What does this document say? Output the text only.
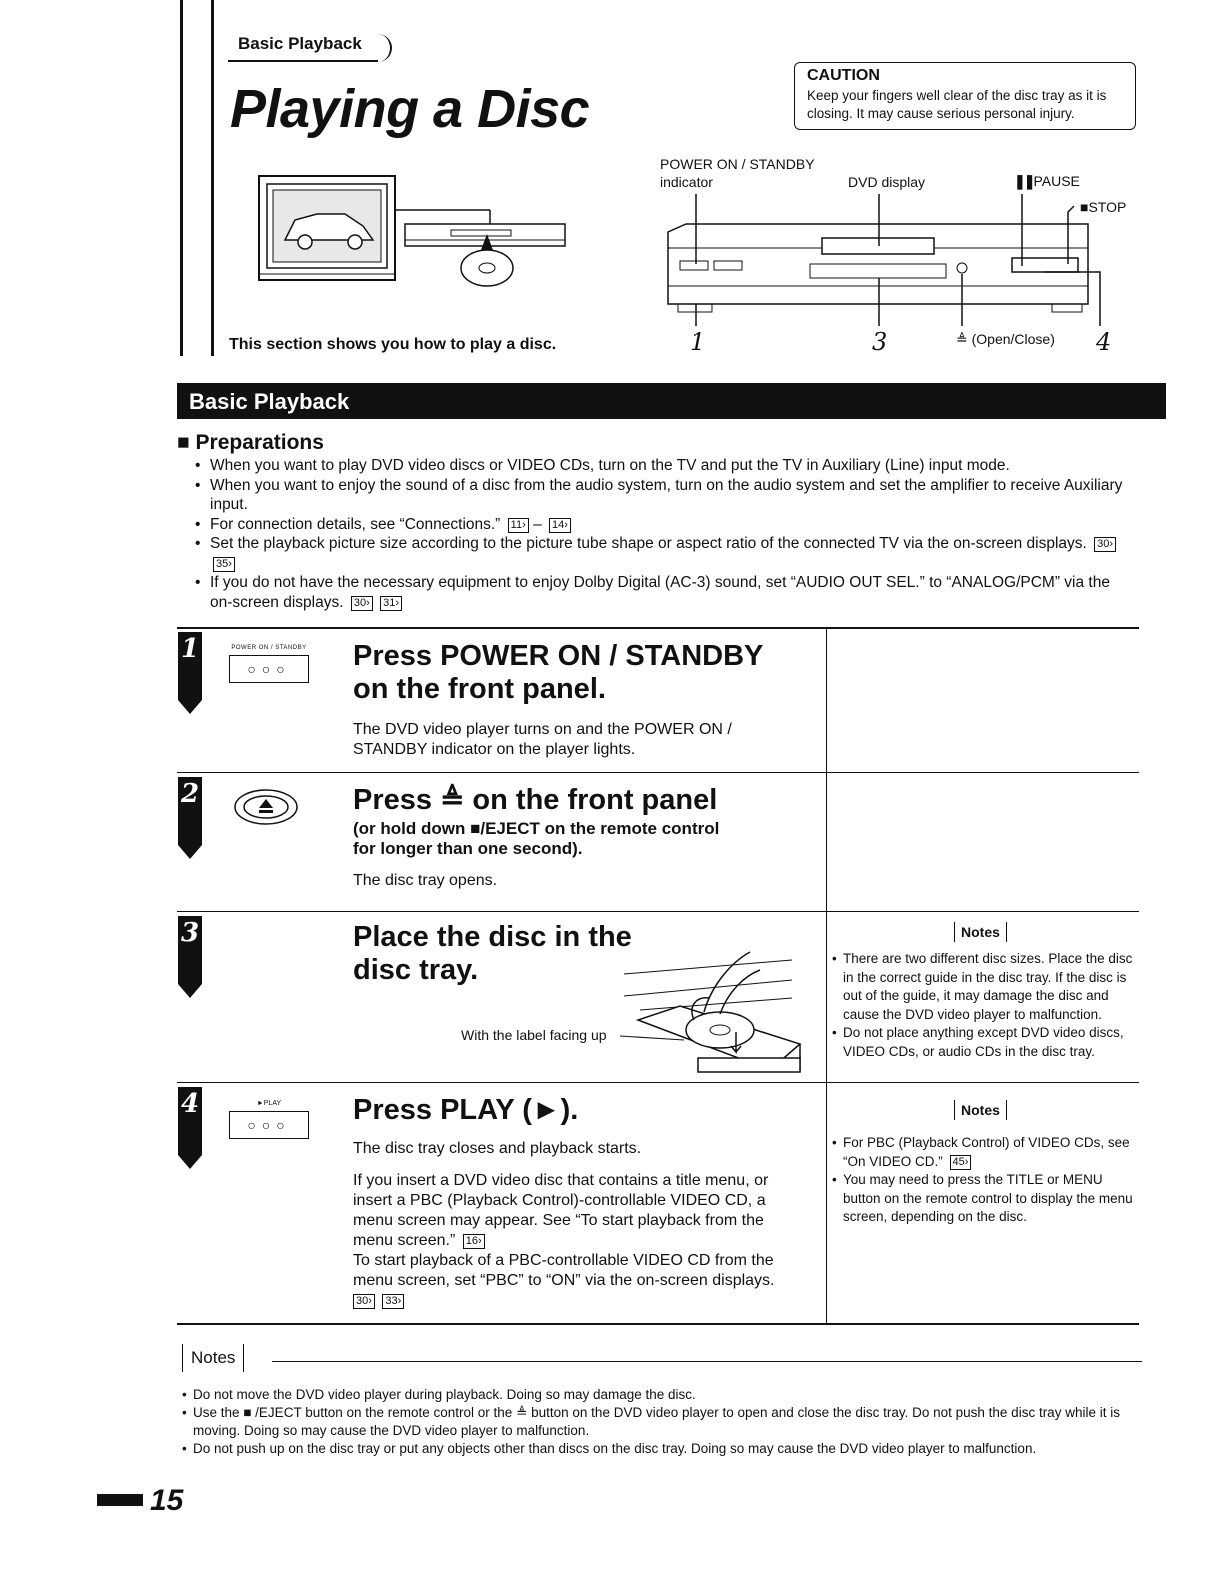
Basic Playback
Playing a Disc
CAUTION

Keep your fingers well clear of the disc tray as it is closing. It may cause serious personal injury.

This section shows you how to play a disc.
POWER ON / STANDBY
indicator	DVD display	❚❚PAUSE
■STOP
1	3	≜ (Open/Close) 4
Basic Playback
■ Preparations
• When you want to play DVD video discs or VIDEO CDs, turn on the TV and put the TV in Auxiliary (Line) input mode.
• When you want to enjoy the sound of a disc from the audio system, turn on the audio system and set the amplifier to receive Auxiliary input.
• For connection details, see “Connections.” 11› – 14›
• Set the playback picture size according to the picture tube shape or aspect ratio of the connected TV via the on-screen displays. 30› 35›
• If you do not have the necessary equipment to enjoy Dolby Digital (AC-3) sound, set “AUDIO OUT SEL.” to “ANALOG/PCM” via the on-screen displays. 30› 31›
1	POWER ON / STANDBY
○○○	Press POWER ON / STANDBY
on the front panel.
The DVD video player turns on and the POWER ON / STANDBY indicator on the player lights.
2	Press ≜ on the front panel
(or hold down ■/EJECT on the remote control
for longer than one second).
The disc tray opens.
3	Place the disc in the
disc tray.
With the label facing up
Notes
• There are two different disc sizes. Place the disc in the correct guide in the disc tray. If the disc is out of the guide, it may damage the disc and cause the DVD video player to malfunction.
• Do not place anything except DVD video discs, VIDEO CDs, or audio CDs in the disc tray.
4	►PLAY
○○○	Press PLAY (►).
The disc tray closes and playback starts.
If you insert a DVD video disc that contains a title menu, or insert a PBC (Playback Control)-controllable VIDEO CD, a menu screen may appear. See “To start playback from the menu screen.” 16›
To start playback of a PBC-controllable VIDEO CD from the menu screen, set “PBC” to “ON” via the on-screen displays.
30› 33›
Notes
• For PBC (Playback Control) of VIDEO CDs, see “On VIDEO CD.” 45›
• You may need to press the TITLE or MENU button on the remote control to display the menu screen, depending on the disc.
Notes
• Do not move the DVD video player during playback. Doing so may damage the disc.
• Use the ■ /EJECT button on the remote control or the ≜ button on the DVD video player to open and close the disc tray. Do not push the disc tray while it is moving. Doing so may cause the DVD video player to malfunction.
• Do not push up on the disc tray or put any objects other than discs on the disc tray. Doing so may cause the DVD video player to malfunction.
15
